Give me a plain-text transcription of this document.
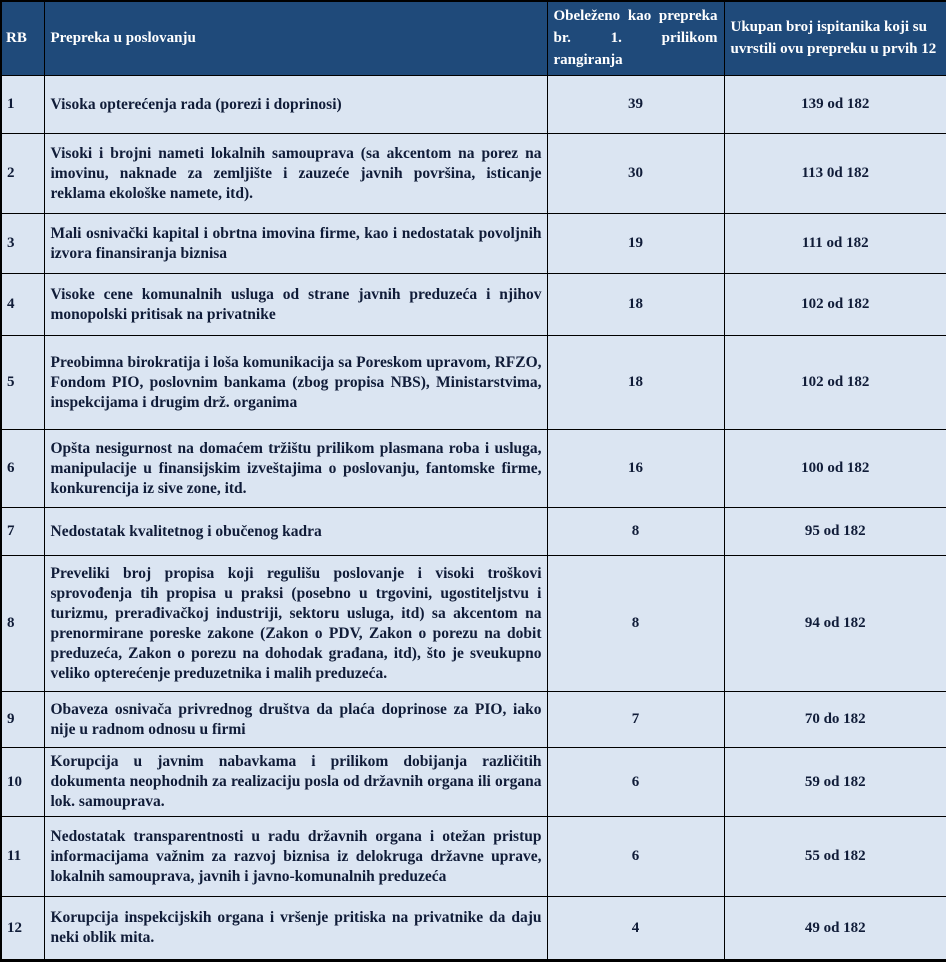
RB	Prepreka u poslovanju	Obeleženo kao prepreka br. 1. prilikom rangiranja	Ukupan broj ispitanika koji su uvrstili ovu prepreku u prvih 12
1	Visoka opterećenja rada (porezi i doprinosi)	39	139 od 182
2	Visoki i brojni nameti lokalnih samouprava (sa akcentom na porez na imovinu, naknade za zemljište i zauzeće javnih površina, isticanje reklama ekološke namete, itd).	30	113 0d 182
3	Mali osnivački kapital i obrtna imovina firme, kao i nedostatak povoljnih izvora finansiranja biznisa	19	111 od 182
4	Visoke cene komunalnih usluga od strane javnih preduzeća i njihov monopolski pritisak na privatnike	18	102 od 182
5	Preobimna birokratija i loša komunikacija sa Poreskom upravom, RFZO, Fondom PIO, poslovnim bankama (zbog propisa NBS), Ministarstvima, inspekcijama i drugim drž. organima	18	102 od 182
6	Opšta nesigurnost na domaćem tržištu prilikom plasmana roba i usluga, manipulacije u finansijskim izveštajima o poslovanju, fantomske firme, konkurencija iz sive zone, itd.	16	100 od 182
7	Nedostatak kvalitetnog i obučenog kadra	8	95 od 182
8	Preveliki broj propisa koji regulišu poslovanje i visoki troškovi sprovođenja tih propisa u praksi (posebno u trgovini, ugostiteljstvu i turizmu, prerađivačkoj industriji, sektoru usluga, itd) sa akcentom na prenormirane poreske zakone (Zakon o PDV, Zakon o porezu na dobit preduzeća, Zakon o porezu na dohodak građana, itd), što je sveukupno veliko opterećenje preduzetnika i malih preduzeća.	8	94 od 182
9	Obaveza osnivača privrednog društva da plaća doprinose za PIO, iako nije u radnom odnosu u firmi	7	70 do 182
10	Korupcija u javnim nabavkama i prilikom dobijanja različitih dokumenta neophodnih za realizaciju posla od državnih organa ili organa lok. samouprava.	6	59 od 182
11	Nedostatak transparentnosti u radu državnih organa i otežan pristup informacijama važnim za razvoj biznisa iz delokruga državne uprave, lokalnih samouprava, javnih i javno-komunalnih preduzeća	6	55 od 182
12	Korupcija inspekcijskih organa i vršenje pritiska na privatnike da daju neki oblik mita.	4	49 od 182
